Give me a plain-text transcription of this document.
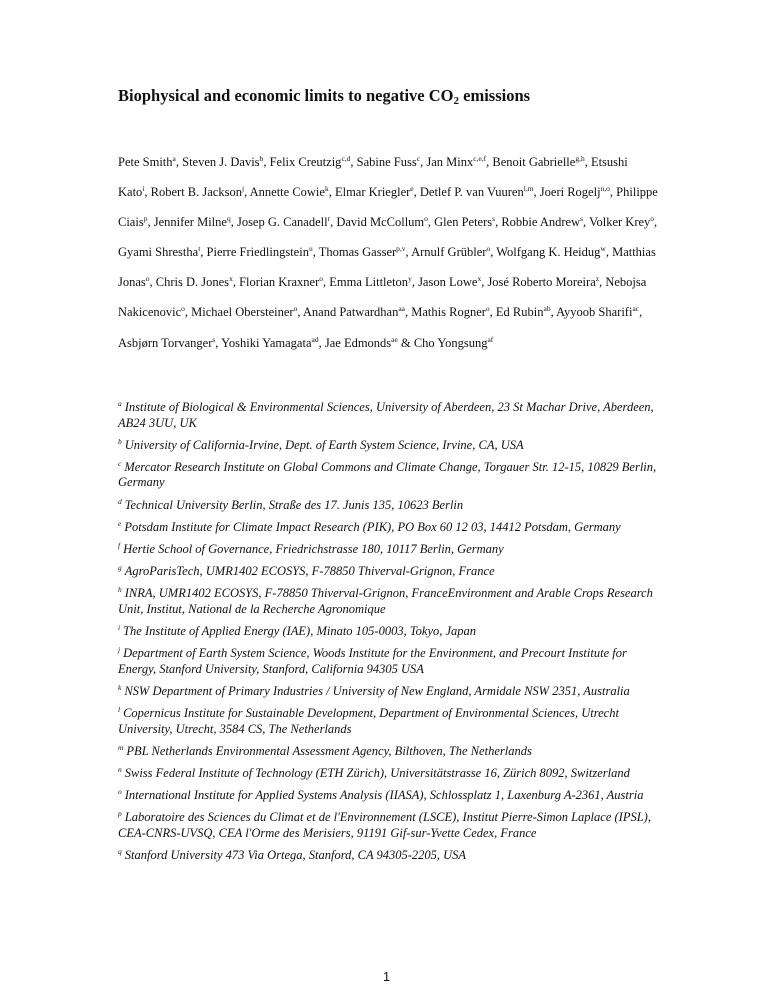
Biophysical and economic limits to negative $CO_2$ emissions
Pete Smith$^a$, Steven J. Davis$^b$, Felix Creutzig$^{c,d}$, Sabine Fuss$^c$, Jan Minx$^{c,e,f}$, Benoit Gabrielle$^{g,h}$, Etsushi Kato$^i$, Robert B. Jackson$^j$, Annette Cowie$^k$, Elmar Kriegler$^e$, Detlef P. van Vuuren$^{l,m}$, Joeri Rogelj$^{n,o}$, Philippe Ciais$^p$, Jennifer Milne$^q$, Josep G. Canadell$^r$, David McCollum$^o$, Glen Peters$^s$, Robbie Andrew$^s$, Volker Krey$^o$, Gyami Shrestha$^t$, Pierre Friedlingstein$^u$, Thomas Gasser$^{p,v}$, Arnulf Grübler$^o$, Wolfgang K. Heidug$^w$, Matthias Jonas$^o$, Chris D. Jones$^x$, Florian Kraxner$^o$, Emma Littleton$^y$, Jason Lowe$^x$, José Roberto Moreira$^z$, Nebojsa Nakicenovic$^o$, Michael Obersteiner$^o$, Anand Patwardhan$^{aa}$, Mathis Rogner$^o$, Ed Rubin$^{ab}$, Ayyoob Sharifi$^{ac}$, Asbjørn Torvanger$^s$, Yoshiki Yamagata$^{ad}$, Jae Edmonds$^{ae}$ & Cho Yongsung$^{af}$
$^a$ Institute of Biological & Environmental Sciences, University of Aberdeen, 23 St Machar Drive, Aberdeen, AB24 3UU, UK
$^b$ University of California-Irvine, Dept. of Earth System Science, Irvine, CA, USA
$^c$ Mercator Research Institute on Global Commons and Climate Change, Torgauer Str. 12-15, 10829 Berlin, Germany
$^d$ Technical University Berlin, Straße des 17. Junis 135, 10623 Berlin
$^e$ Potsdam Institute for Climate Impact Research (PIK), PO Box 60 12 03, 14412 Potsdam, Germany
$^f$ Hertie School of Governance, Friedrichstrasse 180, 10117 Berlin, Germany
$^g$ AgroParisTech, UMR1402 ECOSYS, F-78850 Thiverval-Grignon, France
$^h$ INRA, UMR1402 ECOSYS, F-78850 Thiverval-Grignon, FranceEnvironment and Arable Crops Research Unit, Institut, National de la Recherche Agronomique
$^i$ The Institute of Applied Energy (IAE), Minato 105-0003, Tokyo, Japan
$^j$ Department of Earth System Science, Woods Institute for the Environment, and Precourt Institute for Energy, Stanford University, Stanford, California 94305 USA
$^k$ NSW Department of Primary Industries / University of New England, Armidale NSW 2351, Australia
$^l$ Copernicus Institute for Sustainable Development, Department of Environmental Sciences, Utrecht University, Utrecht, 3584 CS, The Netherlands
$^m$ PBL Netherlands Environmental Assessment Agency, Bilthoven, The Netherlands
$^n$ Swiss Federal Institute of Technology (ETH Zürich), Universitätstrasse 16, Zürich 8092, Switzerland
$^o$ International Institute for Applied Systems Analysis (IIASA), Schlossplatz 1, Laxenburg A-2361, Austria
$^p$ Laboratoire des Sciences du Climat et de l'Environnement (LSCE), Institut Pierre-Simon Laplace (IPSL), CEA-CNRS-UVSQ, CEA l'Orme des Merisiers, 91191 Gif-sur-Yvette Cedex, France
$^q$ Stanford University 473 Via Ortega, Stanford, CA 94305-2205, USA
1
